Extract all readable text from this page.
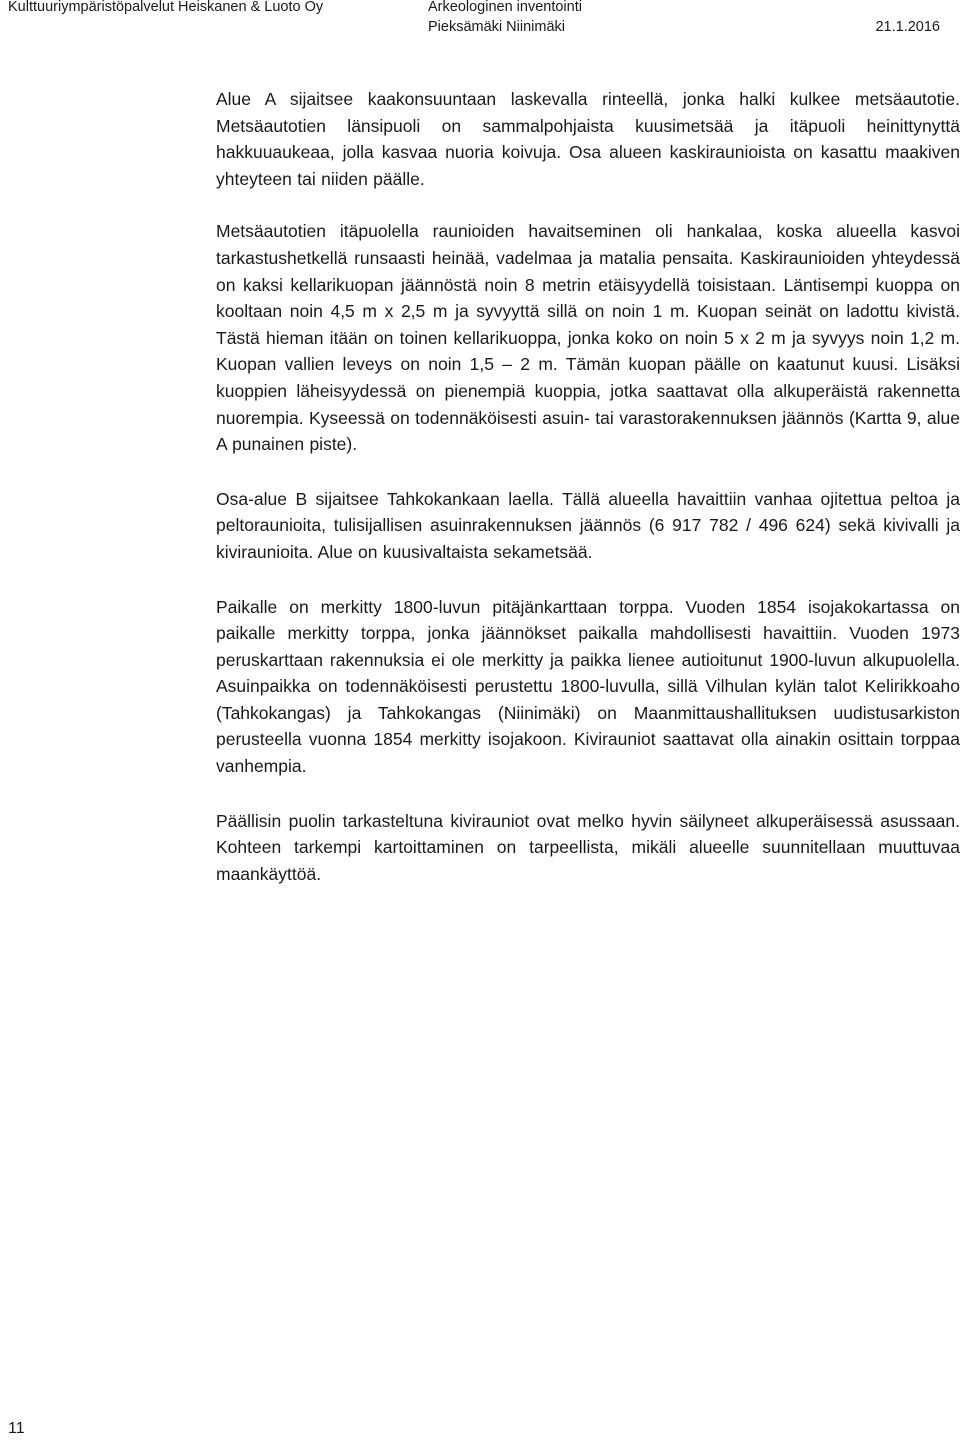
Kulttuuriympäristöpalvelut Heiskanen & Luoto Oy	Arkeologinen inventointi
Pieksämäki Niinimäki	21.1.2016

Alue A sijaitsee kaakonsuuntaan laskevalla rinteellä, jonka halki kulkee metsäautotie. Metsäautotien länsipuoli on sammalpohjaista kuusimetsää ja itäpuoli heinittynyttä hakkuuaukeaa, jolla kasvaa nuoria koivuja. Osa alueen kaskiraunioista on kasattu maakiven yhteyteen tai niiden päälle.

Metsäautotien itäpuolella raunioiden havaitseminen oli hankalaa, koska alueella kasvoi tarkastushetkellä runsaasti heinää, vadelmaa ja matalia pensaita. Kaskiraunioiden yhteydessä on kaksi kellarikuopan jäännöstä noin 8 metrin etäisyydellä toisistaan. Läntisempi kuoppa on kooltaan noin 4,5 m x 2,5 m ja syvyyttä sillä on noin 1 m. Kuopan seinät on ladottu kivistä. Tästä hieman itään on toinen kellarikuoppa, jonka koko on noin 5 x 2 m ja syvyys noin 1,2 m. Kuopan vallien leveys on noin 1,5 – 2 m. Tämän kuopan päälle on kaatunut kuusi. Lisäksi kuoppien läheisyydessä on pienempiä kuoppia, jotka saattavat olla alkuperäistä rakennetta nuorempia. Kyseessä on todennäköisesti asuin- tai varastorakennuksen jäännös (Kartta 9, alue A punainen piste).

Osa-alue B sijaitsee Tahkokankaan laella. Tällä alueella havaittiin vanhaa ojitettua peltoa ja peltoraunioita, tulisijallisen asuinrakennuksen jäännös (6 917 782 / 496 624) sekä kivivalli ja kiviraunioita. Alue on kuusivaltaista sekametsää.

Paikalle on merkitty 1800-luvun pitäjänkarttaan torppa. Vuoden 1854 isojakokartassa on paikalle merkitty torppa, jonka jäännökset paikalla mahdollisesti havaittiin. Vuoden 1973 peruskarttaan rakennuksia ei ole merkitty ja paikka lienee autioitunut 1900-luvun alkupuolella. Asuinpaikka on todennäköisesti perustettu 1800-luvulla, sillä Vilhulan kylän talot Kelirikkoaho (Tahkokangas) ja Tahkokangas (Niinimäki) on Maanmittaushallituksen uudistusarkiston perusteella vuonna 1854 merkitty isojakoon. Kivirauniot saattavat olla ainakin osittain torppaa vanhempia.

Päällisin puolin tarkasteltuna kivirauniot ovat melko hyvin säilyneet alkuperäisessä asussaan. Kohteen tarkempi kartoittaminen on tarpeellista, mikäli alueelle suunnitellaan muuttuvaa maankäyttöä.

11
